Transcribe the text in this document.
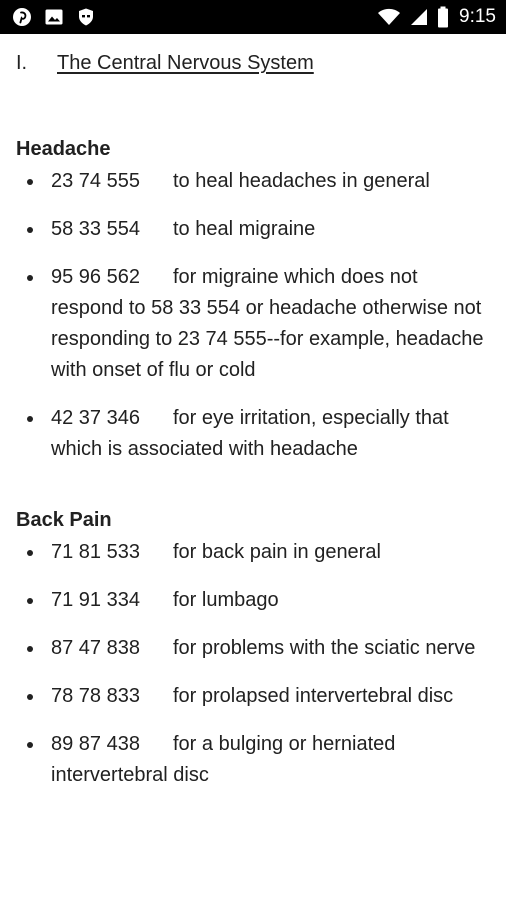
9:15
I. The Central Nervous System
Headache
23 74 555 to heal headaches in general
58 33 554 to heal migraine
95 96 562 for migraine which does not respond to 58 33 554 or headache otherwise not responding to 23 74 555--for example, headache with onset of flu or cold
42 37 346 for eye irritation, especially that which is associated with headache
Back Pain
71 81 533 for back pain in general
71 91 334 for lumbago
87 47 838 for problems with the sciatic nerve
78 78 833 for prolapsed intervertebral disc
89 87 438 for a bulging or herniated intervertebral disc
